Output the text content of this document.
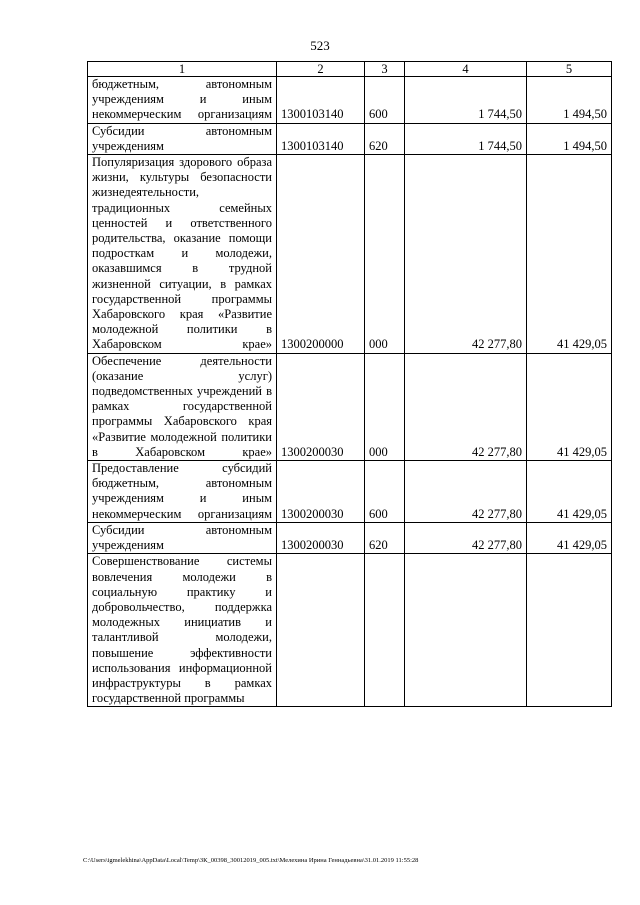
523
1	2	3	4	5
бюджетным, автономным учреждениям и иным некоммерческим организациям	1300103140	600	1 744,50	1 494,50
Субсидии автономным учреждениям	1300103140	620	1 744,50	1 494,50
Популяризация здорового образа жизни, культуры безопасности жизнедеятельности, традиционных семейных ценностей и ответственного родительства, оказание помощи подросткам и молодежи, оказавшимся в трудной жизненной ситуации, в рамках государственной программы Хабаровского края «Развитие молодежной политики в Хабаровском крае»	1300200000	000	42 277,80	41 429,05
Обеспечение деятельности (оказание услуг) подведомственных учреждений в рамках государственной программы Хабаровского края «Развитие молодежной политики в Хабаровском крае»	1300200030	000	42 277,80	41 429,05
Предоставление субсидий бюджетным, автономным учреждениям и иным некоммерческим организациям	1300200030	600	42 277,80	41 429,05
Субсидии автономным учреждениям	1300200030	620	42 277,80	41 429,05
Совершенствование системы вовлечения молодежи в социальную практику и добровольчество, поддержка молодежных инициатив и талантливой молодежи, повышение эффективности использования информационной инфраструктуры в рамках государственной программы				
C:\Users\igmelekhina\AppData\Local\Temp\ЗК_00398_30012019_005.txt\Мелехина Ирина Геннадьевна\31.01.2019 11:55:28
